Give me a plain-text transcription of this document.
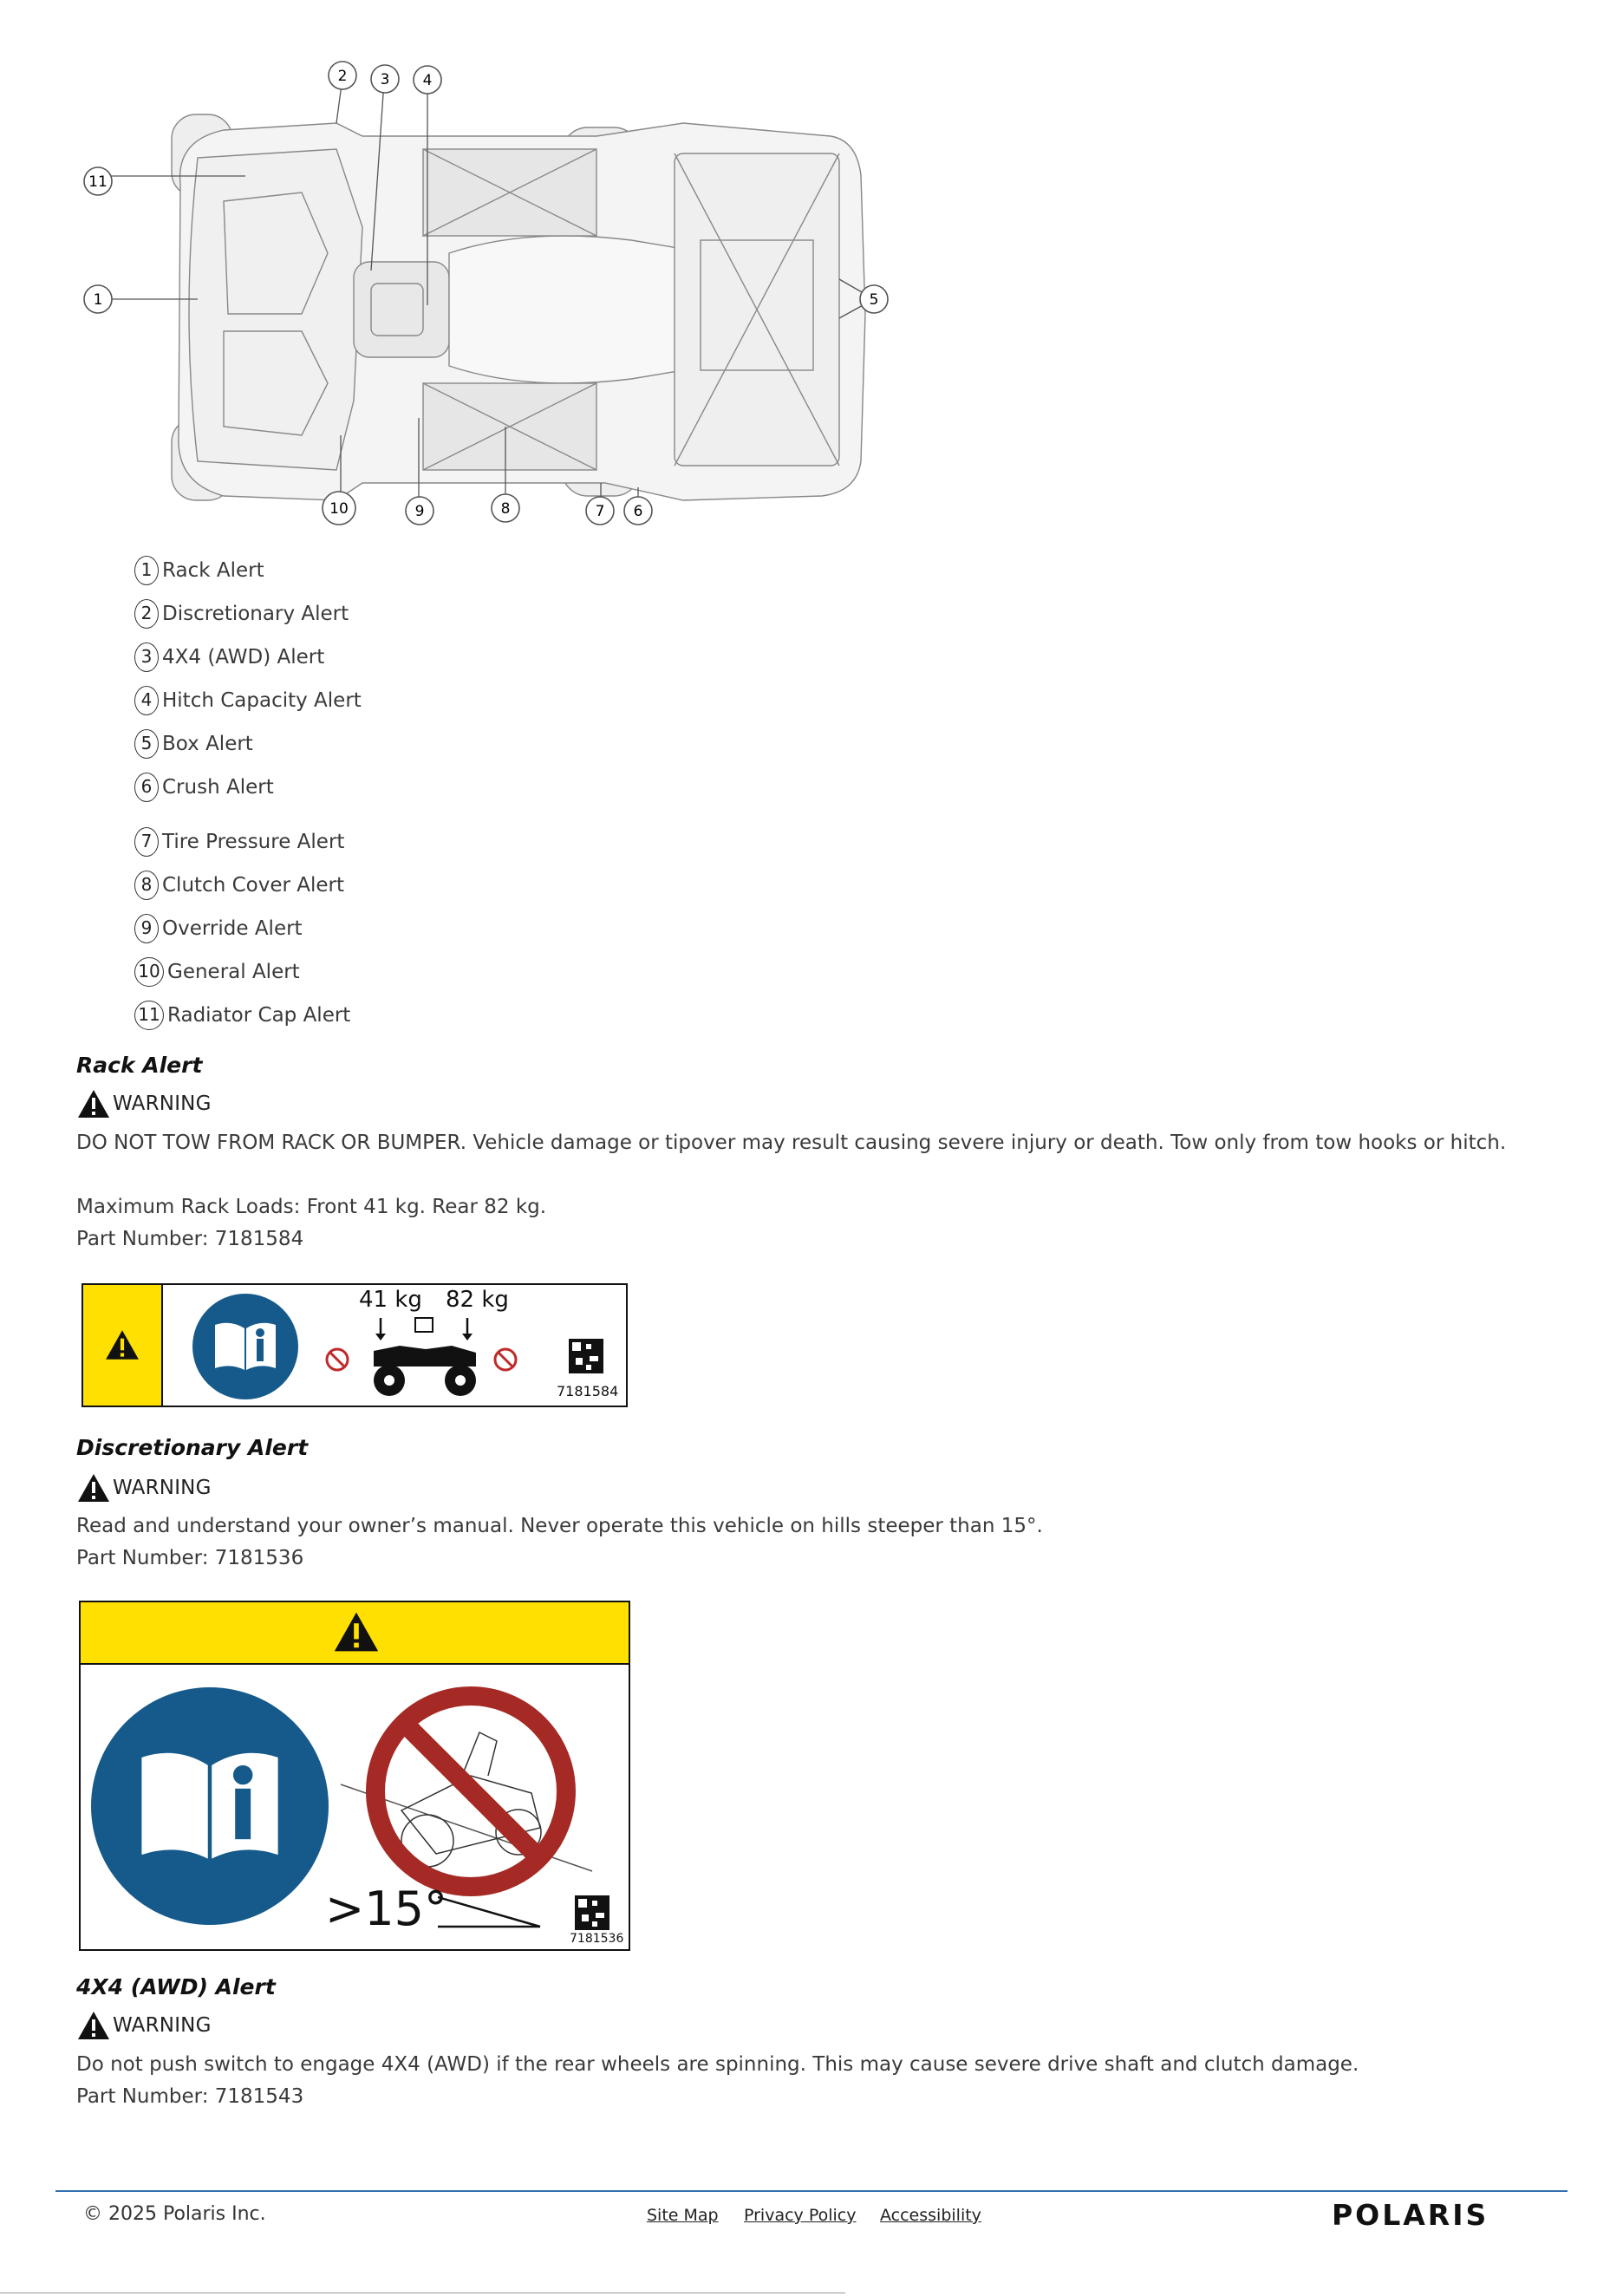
11
1
2 3 4
5
10	9	8	7 6
1 Rack Alert
2 Discretionary Alert
3 4X4 (AWD) Alert
4 Hitch Capacity Alert
5 Box Alert
6 Crush Alert
7 Tire Pressure Alert
8 Clutch Cover Alert
9 Override Alert
10 General Alert
11 Radiator Cap Alert
Rack Alert
WARNING
DO NOT TOW FROM RACK OR BUMPER. Vehicle damage or tipover may result causing severe injury or death. Tow only from tow hooks or hitch.
Maximum Rack Loads: Front 41 kg. Rear 82 kg.
Part Number: 7181584
41 kg 82 kg
7181584
Discretionary Alert
WARNING
Read and understand your owner’s manual. Never operate this vehicle on hills steeper than 15°.
Part Number: 7181536
>15°
7181536
4X4 (AWD) Alert
WARNING
Do not push switch to engage 4X4 (AWD) if the rear wheels are spinning. This may cause severe drive shaft and clutch damage.
Part Number: 7181543
© 2025 Polaris Inc.	Site Map Privacy Policy Accessibility	POLARIS
